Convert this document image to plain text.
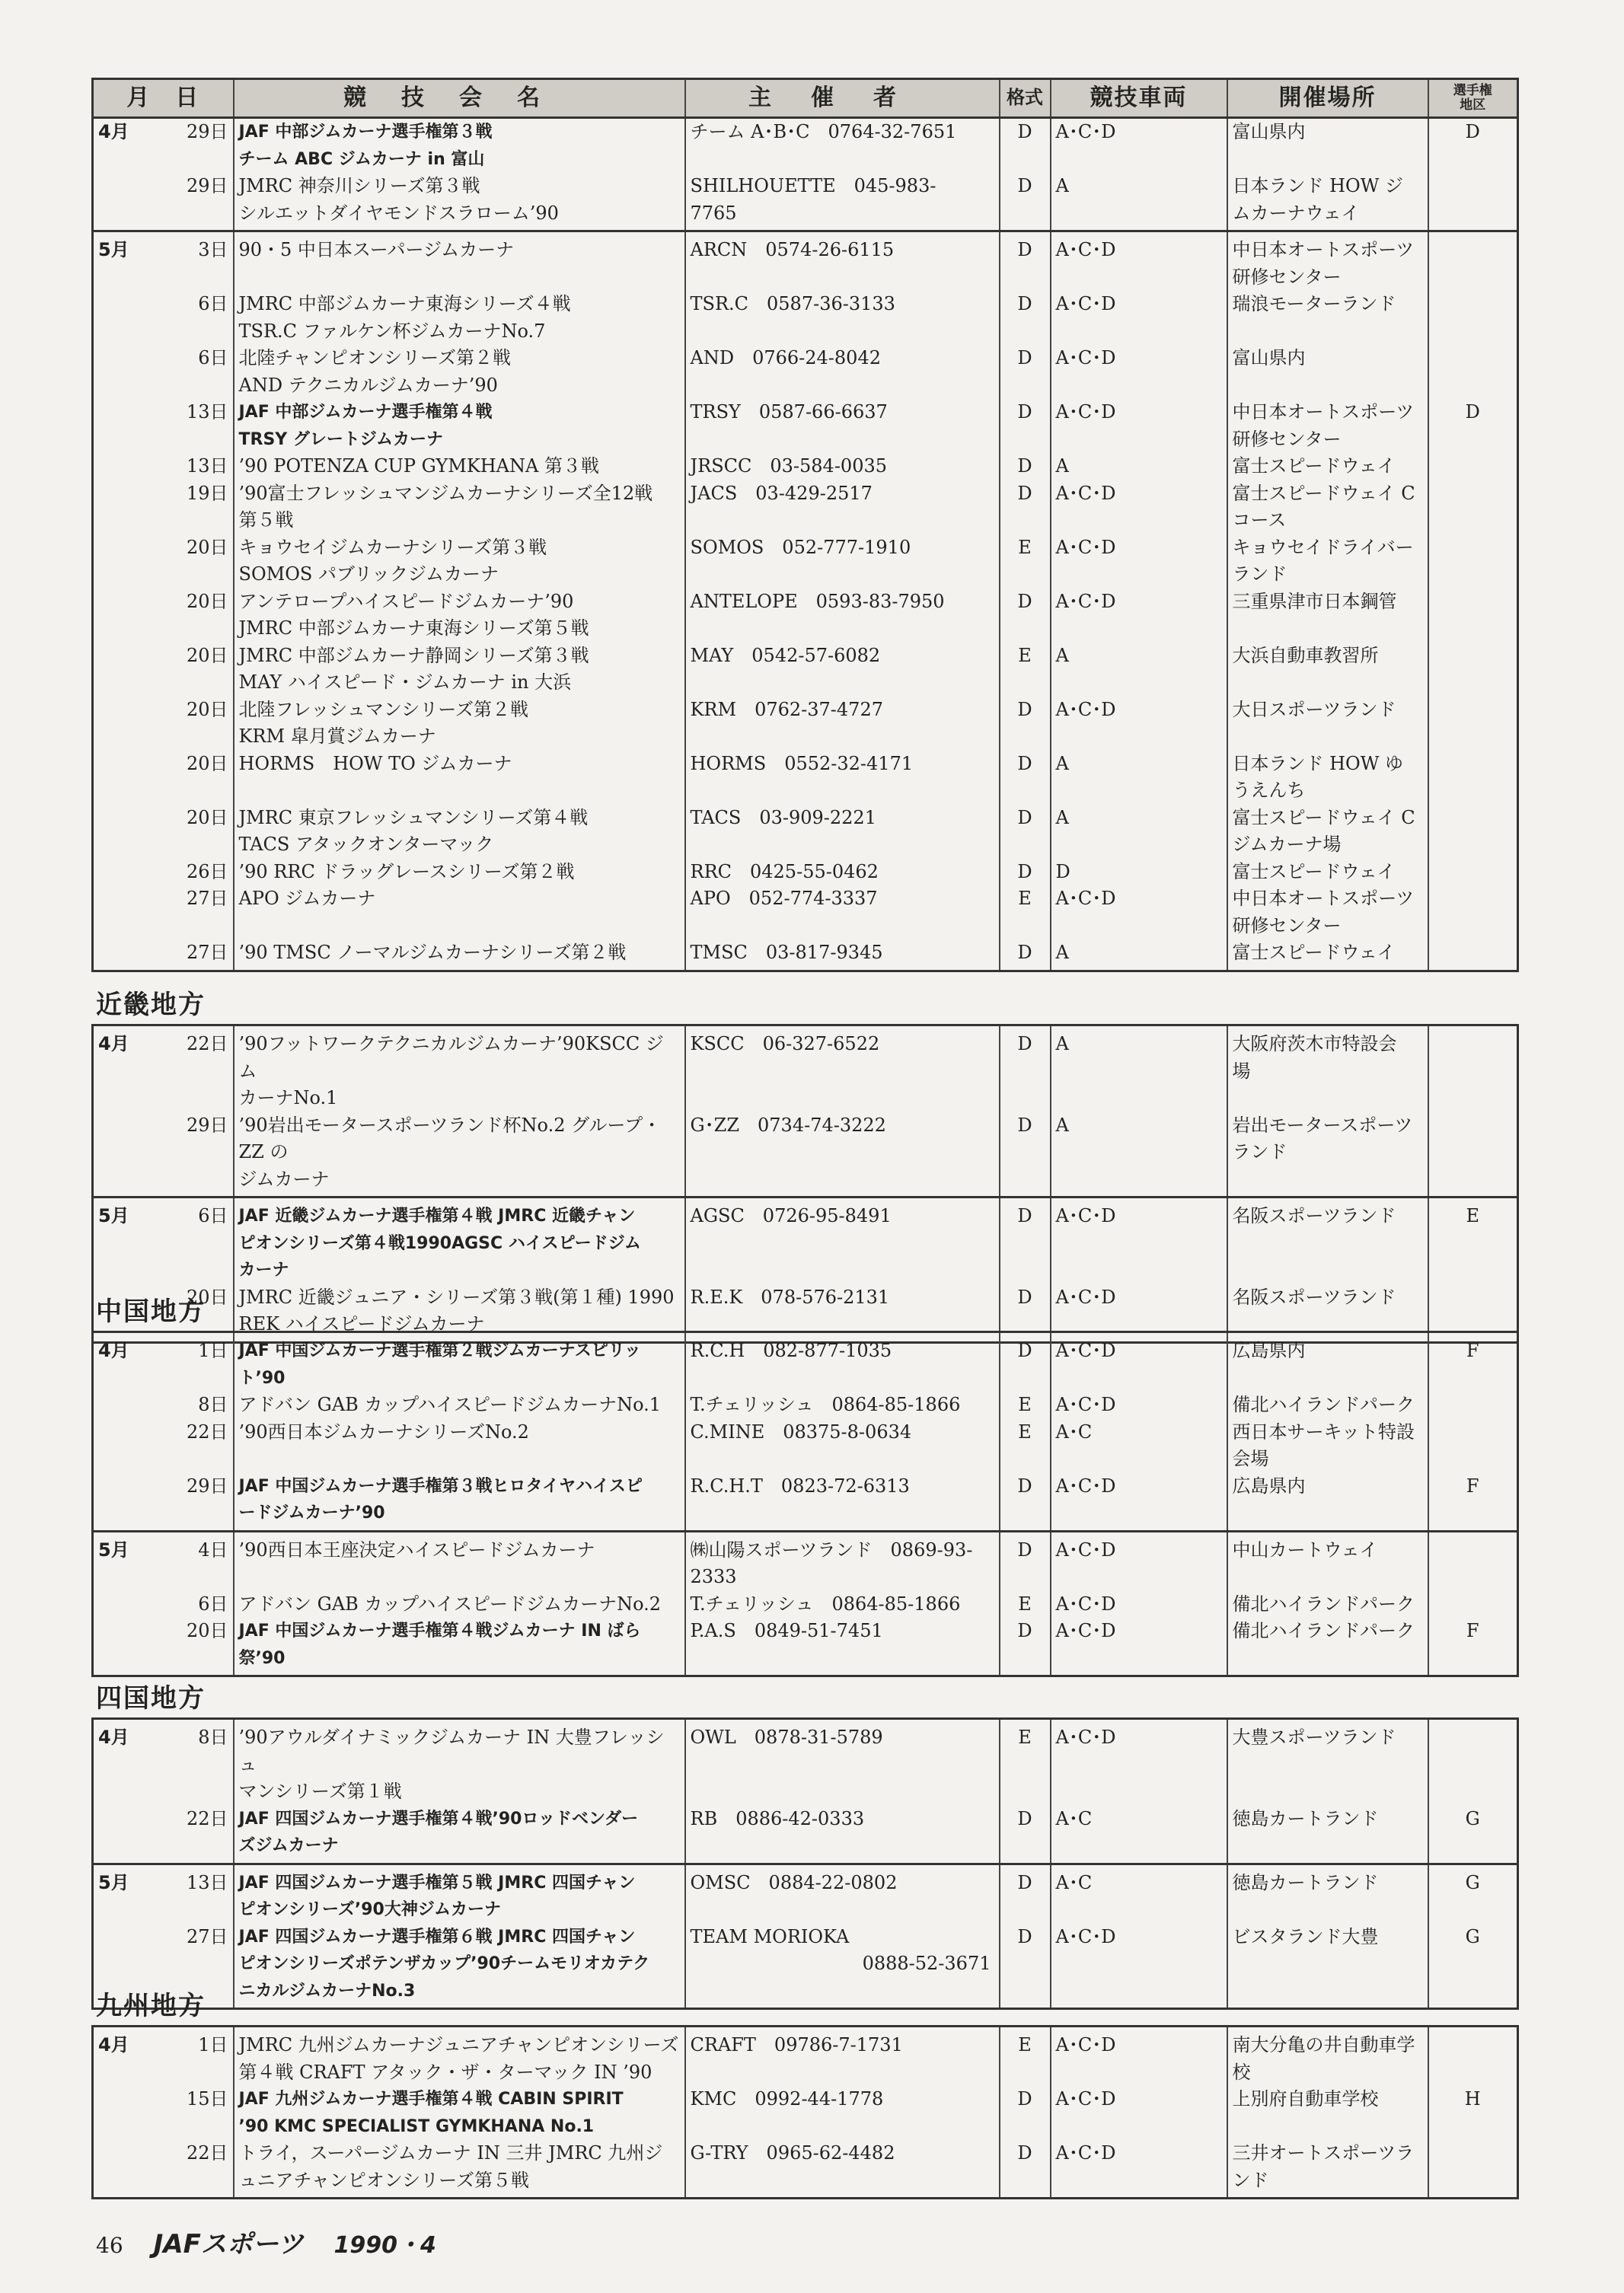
月　日		競技会名	主催者	格式	競技車両	開催場所	選手権
地区
4月	29日	JAF 中部ジムカーナ選手権第３戦
チーム ABC ジムカーナ in 富山	チーム A･B･C　0764-32-7651	D	A･C･D	富山県内	D
	29日	JMRC 神奈川シリーズ第３戦
シルエットダイヤモンドスラローム’90	SHILHOUETTE　045-983-
7765	D	A	日本ランド HOW ジ
ムカーナウェイ	
5月	3日	90・5 中日本スーパージムカーナ	ARCN　0574-26-6115	D	A･C･D	中日本オートスポーツ
研修センター	
	6日	JMRC 中部ジムカーナ東海シリーズ４戦
TSR.C ファルケン杯ジムカーナNo.7	TSR.C　0587-36-3133	D	A･C･D	瑞浪モーターランド	
	6日	北陸チャンピオンシリーズ第２戦
AND テクニカルジムカーナ’90	AND　0766-24-8042	D	A･C･D	富山県内	
	13日	JAF 中部ジムカーナ選手権第４戦
TRSY グレートジムカーナ	TRSY　0587-66-6637	D	A･C･D	中日本オートスポーツ
研修センター	D
	13日	’90 POTENZA CUP GYMKHANA 第３戦	JRSCC　03-584-0035	D	A	富士スピードウェイ	
	19日	’90富士フレッシュマンジムカーナシリーズ全12戦
第５戦	JACS　03-429-2517	D	A･C･D	富士スピードウェイ C
コース	
	20日	キョウセイジムカーナシリーズ第３戦
SOMOS パブリックジムカーナ	SOMOS　052-777-1910	E	A･C･D	キョウセイドライバー
ランド	
	20日	アンテロープハイスピードジムカーナ’90
JMRC 中部ジムカーナ東海シリーズ第５戦	ANTELOPE　0593-83-7950	D	A･C･D	三重県津市日本鋼管	
	20日	JMRC 中部ジムカーナ静岡シリーズ第３戦
MAY ハイスピード・ジムカーナ in 大浜	MAY　0542-57-6082	E	A	大浜自動車教習所	
	20日	北陸フレッシュマンシリーズ第２戦
KRM 皐月賞ジムカーナ	KRM　0762-37-4727	D	A･C･D	大日スポーツランド	
	20日	HORMS　HOW TO ジムカーナ	HORMS　0552-32-4171	D	A	日本ランド HOW ゆ
うえんち	
	20日	JMRC 東京フレッシュマンシリーズ第４戦
TACS アタックオンターマック	TACS　03-909-2221	D	A	富士スピードウェイ C
ジムカーナ場	
	26日	’90 RRC ドラッグレースシリーズ第２戦	RRC　0425-55-0462	D	D	富士スピードウェイ	
	27日	APO ジムカーナ	APO　052-774-3337	E	A･C･D	中日本オートスポーツ
研修センター	
	27日	’90 TMSC ノーマルジムカーナシリーズ第２戦	TMSC　03-817-9345	D	A	富士スピードウェイ	
近畿地方
4月	22日	’90フットワークテクニカルジムカーナ’90KSCC ジム
カーナNo.1	KSCC　06-327-6522	D	A	大阪府茨木市特設会
場	
	29日	’90岩出モータースポーツランド杯No.2 グループ・ZZ の
ジムカーナ	G･ZZ　0734-74-3222	D	A	岩出モータースポーツ
ランド	
5月	6日	JAF 近畿ジムカーナ選手権第４戦 JMRC 近畿チャン
ピオンシリーズ第４戦1990AGSC ハイスピードジム
カーナ	AGSC　0726-95-8491	D	A･C･D	名阪スポーツランド	E
	20日	JMRC 近畿ジュニア・シリーズ第３戦(第１種) 1990
REK ハイスピードジムカーナ	R.E.K　078-576-2131	D	A･C･D	名阪スポーツランド	
中国地方
4月	1日	JAF 中国ジムカーナ選手権第２戦ジムカーナスピリッ
ト’90	R.C.H　082-877-1035	D	A･C･D	広島県内	F
	8日	アドバン GAB カップハイスピードジムカーナNo.1	T.チェリッシュ　0864-85-1866	E	A･C･D	備北ハイランドパーク	
	22日	’90西日本ジムカーナシリーズNo.2	C.MINE　08375-8-0634	E	A･C	西日本サーキット特設
会場	
	29日	JAF 中国ジムカーナ選手権第３戦ヒロタイヤハイスピ
ードジムカーナ’90	R.C.H.T　0823-72-6313	D	A･C･D	広島県内	F
5月	4日	’90西日本王座決定ハイスピードジムカーナ	㈱山陽スポーツランド　0869-93-
2333	D	A･C･D	中山カートウェイ	
	6日	アドバン GAB カップハイスピードジムカーナNo.2	T.チェリッシュ　0864-85-1866	E	A･C･D	備北ハイランドパーク	
	20日	JAF 中国ジムカーナ選手権第４戦ジムカーナ IN ばら
祭’90	P.A.S　0849-51-7451	D	A･C･D	備北ハイランドパーク	F
四国地方
4月	8日	’90アウルダイナミックジムカーナ IN 大豊フレッシュ
マンシリーズ第１戦	OWL　0878-31-5789	E	A･C･D	大豊スポーツランド	
	22日	JAF 四国ジムカーナ選手権第４戦’90ロッドベンダー
ズジムカーナ	RB　0886-42-0333	D	A･C	徳島カートランド	G
5月	13日	JAF 四国ジムカーナ選手権第５戦 JMRC 四国チャン
ピオンシリーズ’90大神ジムカーナ	OMSC　0884-22-0802	D	A･C	徳島カートランド	G
	27日	JAF 四国ジムカーナ選手権第６戦 JMRC 四国チャン
ピオンシリーズポテンザカップ’90チームモリオカテク
ニカルジムカーナNo.3	TEAM MORIOKA
0888-52-3671	D	A･C･D	ビスタランド大豊	G
九州地方
4月	1日	JMRC 九州ジムカーナジュニアチャンピオンシリーズ
第４戦 CRAFT アタック・ザ・ターマック IN ’90	CRAFT　09786-7-1731	E	A･C･D	南大分亀の井自動車学
校	
	15日	JAF 九州ジムカーナ選手権第４戦 CABIN SPIRIT
’90 KMC SPECIALIST GYMKHANA No.1	KMC　0992-44-1778	D	A･C･D	上別府自動車学校	H
	22日	トライ，スーパージムカーナ IN 三井 JMRC 九州ジ
ュニアチャンピオンシリーズ第５戦	G-TRY　0965-62-4482	D	A･C･D	三井オートスポーツラ
ンド	
46 JAFスポーツ 1990・4
